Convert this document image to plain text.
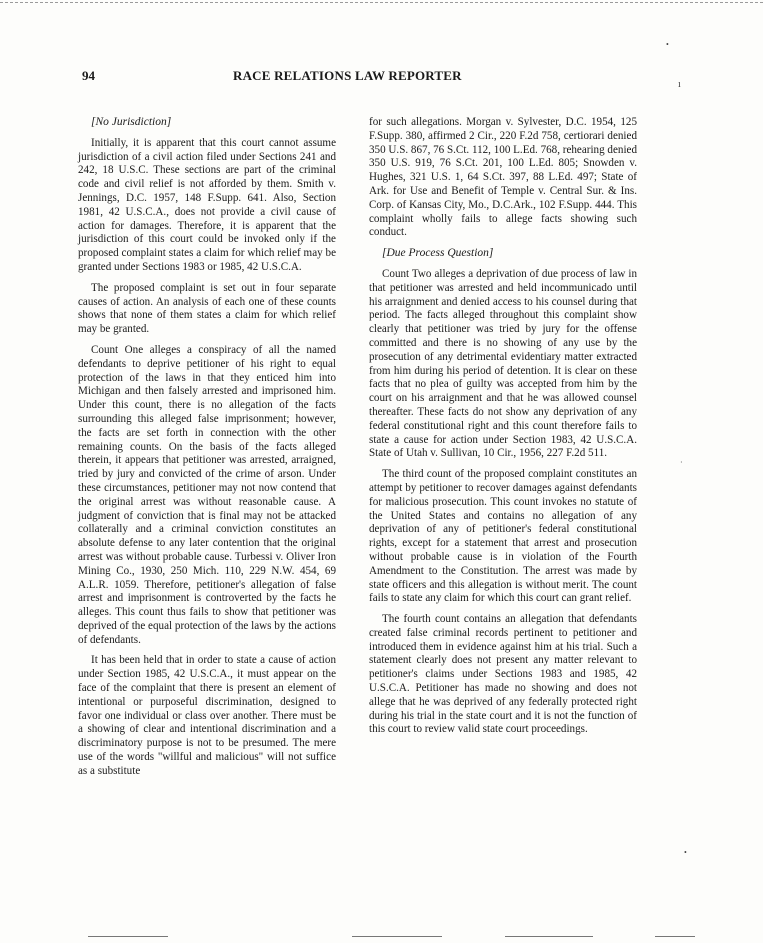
94	RACE RELATIONS LAW REPORTER

[No Jurisdiction]

Initially, it is apparent that this court cannot assume jurisdiction of a civil action filed under Sections 241 and 242, 18 U.S.C. These sections are part of the criminal code and civil relief is not afforded by them. Smith v. Jennings, D.C. 1957, 148 F.Supp. 641. Also, Section 1981, 42 U.S.C.A., does not provide a civil cause of action for damages. Therefore, it is apparent that the jurisdiction of this court could be invoked only if the proposed complaint states a claim for which relief may be granted under Sections 1983 or 1985, 42 U.S.C.A.

The proposed complaint is set out in four separate causes of action. An analysis of each one of these counts shows that none of them states a claim for which relief may be granted.

Count One alleges a conspiracy of all the named defendants to deprive petitioner of his right to equal protection of the laws in that they enticed him into Michigan and then falsely arrested and imprisoned him. Under this count, there is no allegation of the facts surrounding this alleged false imprisonment; however, the facts are set forth in connection with the other remaining counts. On the basis of the facts alleged therein, it appears that petitioner was arrested, arraigned, tried by jury and convicted of the crime of arson. Under these circumstances, petitioner may not now contend that the original arrest was without reasonable cause. A judgment of conviction that is final may not be attacked collaterally and a criminal conviction constitutes an absolute defense to any later contention that the original arrest was without probable cause. Turbessi v. Oliver Iron Mining Co., 1930, 250 Mich. 110, 229 N.W. 454, 69 A.L.R. 1059. Therefore, petitioner's allegation of false arrest and imprisonment is controverted by the facts he alleges. This count thus fails to show that petitioner was deprived of the equal protection of the laws by the actions of defendants.

It has been held that in order to state a cause of action under Section 1985, 42 U.S.C.A., it must appear on the face of the complaint that there is present an element of intentional or purposeful discrimination, designed to favor one individual or class over another. There must be a showing of clear and intentional discrimination and a discriminatory purpose is not to be presumed. The mere use of the words "willful and malicious" will not suffice as a substitute

for such allegations. Morgan v. Sylvester, D.C. 1954, 125 F.Supp. 380, affirmed 2 Cir., 220 F.2d 758, certiorari denied 350 U.S. 867, 76 S.Ct. 112, 100 L.Ed. 768, rehearing denied 350 U.S. 919, 76 S.Ct. 201, 100 L.Ed. 805; Snowden v. Hughes, 321 U.S. 1, 64 S.Ct. 397, 88 L.Ed. 497; State of Ark. for Use and Benefit of Temple v. Central Sur. & Ins. Corp. of Kansas City, Mo., D.C.Ark., 102 F.Supp. 444. This complaint wholly fails to allege facts showing such conduct.

[Due Process Question]

Count Two alleges a deprivation of due process of law in that petitioner was arrested and held incommunicado until his arraignment and denied access to his counsel during that period. The facts alleged throughout this complaint show clearly that petitioner was tried by jury for the offense committed and there is no showing of any use by the prosecution of any detrimental evidentiary matter extracted from him during his period of detention. It is clear on these facts that no plea of guilty was accepted from him by the court on his arraignment and that he was allowed counsel thereafter. These facts do not show any deprivation of any federal constitutional right and this count therefore fails to state a cause for action under Section 1983, 42 U.S.C.A. State of Utah v. Sullivan, 10 Cir., 1956, 227 F.2d 511.

The third count of the proposed complaint constitutes an attempt by petitioner to recover damages against defendants for malicious prosecution. This count invokes no statute of the United States and contains no allegation of any deprivation of any of petitioner's federal constitutional rights, except for a statement that arrest and prosecution without probable cause is in violation of the Fourth Amendment to the Constitution. The arrest was made by state officers and this allegation is without merit. The count fails to state any claim for which this court can grant relief.

The fourth count contains an allegation that defendants created false criminal records pertinent to petitioner and introduced them in evidence against him at his trial. Such a statement clearly does not present any matter relevant to petitioner's claims under Sections 1983 and 1985, 42 U.S.C.A. Petitioner has made no showing and does not allege that he was deprived of any federally protected right during his trial in the state court and it is not the function of this court to review valid state court proceedings.

•
ı
·
•
